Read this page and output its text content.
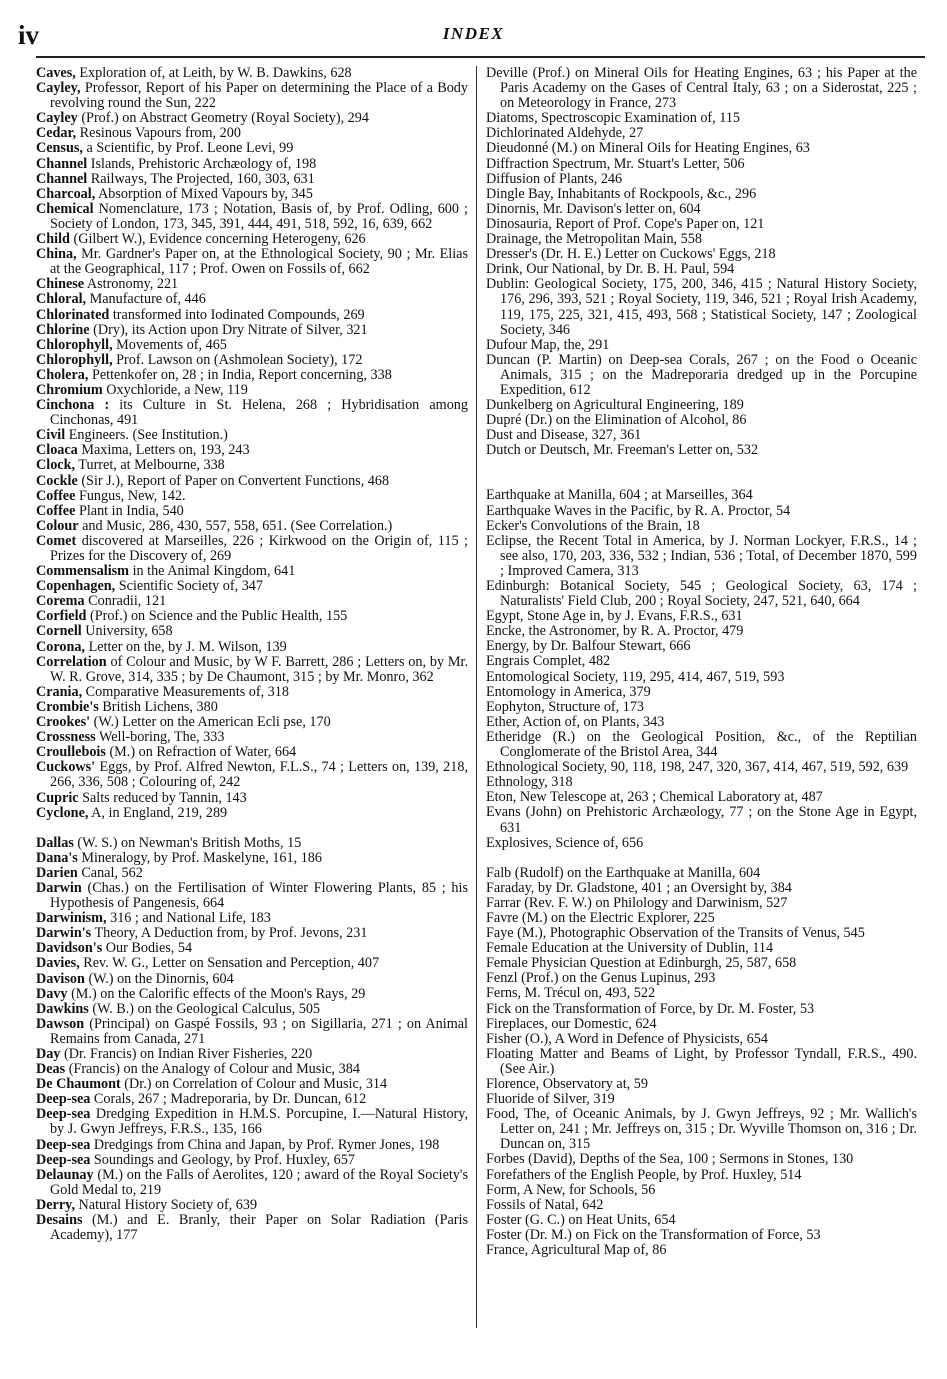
iv	INDEX

Caves, Exploration of, at Leith, by W. B. Dawkins, 628

Cayley, Professor, Report of his Paper on determining the Place of a Body revolving round the Sun, 222

Cayley (Prof.) on Abstract Geometry (Royal Society), 294

Cedar, Resinous Vapours from, 200

Census, a Scientific, by Prof. Leone Levi, 99

Channel Islands, Prehistoric Archæology of, 198

Channel Railways, The Projected, 160, 303, 631

Charcoal, Absorption of Mixed Vapours by, 345

Chemical Nomenclature, 173 ; Notation, Basis of, by Prof. Odling, 600 ; Society of London, 173, 345, 391, 444, 491, 518, 592, 16, 639, 662

Child (Gilbert W.), Evidence concerning Heterogeny, 626

China, Mr. Gardner's Paper on, at the Ethnological Society, 90 ; Mr. Elias at the Geographical, 117 ; Prof. Owen on Fossils of, 662

Chinese Astronomy, 221

Chloral, Manufacture of, 446

Chlorinated transformed into Iodinated Compounds, 269

Chlorine (Dry), its Action upon Dry Nitrate of Silver, 321

Chlorophyll, Movements of, 465

Chlorophyll, Prof. Lawson on (Ashmolean Society), 172

Cholera, Pettenkofer on, 28 ; in India, Report concerning, 338

Chromium Oxychloride, a New, 119

Cinchona : its Culture in St. Helena, 268 ; Hybridisation among Cinchonas, 491

Civil Engineers. (See Institution.)

Cloaca Maxima, Letters on, 193, 243

Clock, Turret, at Melbourne, 338

Cockle (Sir J.), Report of Paper on Convertent Functions, 468

Coffee Fungus, New, 142.

Coffee Plant in India, 540

Colour and Music, 286, 430, 557, 558, 651. (See Correlation.)

Comet discovered at Marseilles, 226 ; Kirkwood on the Origin of, 115 ; Prizes for the Discovery of, 269

Commensalism in the Animal Kingdom, 641

Copenhagen, Scientific Society of, 347

Corema Conradii, 121

Corfield (Prof.) on Science and the Public Health, 155

Cornell University, 658

Corona, Letter on the, by J. M. Wilson, 139

Correlation of Colour and Music, by W F. Barrett, 286 ; Letters on, by Mr. W. R. Grove, 314, 335 ; by De Chaumont, 315 ; by Mr. Monro, 362

Crania, Comparative Measurements of, 318

Crombie's British Lichens, 380

Crookes' (W.) Letter on the American Ecli pse, 170

Crossness Well-boring, The, 333

Croullebois (M.) on Refraction of Water, 664

Cuckows' Eggs, by Prof. Alfred Newton, F.L.S., 74 ; Letters on, 139, 218, 266, 336, 508 ; Colouring of, 242

Cupric Salts reduced by Tannin, 143

Cyclone, A, in England, 219, 289

Dallas (W. S.) on Newman's British Moths, 15

Dana's Mineralogy, by Prof. Maskelyne, 161, 186

Darien Canal, 562

Darwin (Chas.) on the Fertilisation of Winter Flowering Plants, 85 ; his Hypothesis of Pangenesis, 664

Darwinism, 316 ; and National Life, 183

Darwin's Theory, A Deduction from, by Prof. Jevons, 231

Davidson's Our Bodies, 54

Davies, Rev. W. G., Letter on Sensation and Perception, 407

Davison (W.) on the Dinornis, 604

Davy (M.) on the Calorific effects of the Moon's Rays, 29

Dawkins (W. B.) on the Geological Calculus, 505

Dawson (Principal) on Gaspé Fossils, 93 ; on Sigillaria, 271 ; on Animal Remains from Canada, 271

Day (Dr. Francis) on Indian River Fisheries, 220

Deas (Francis) on the Analogy of Colour and Music, 384

De Chaumont (Dr.) on Correlation of Colour and Music, 314

Deep-sea Corals, 267 ; Madreporaria, by Dr. Duncan, 612

Deep-sea Dredging Expedition in H.M.S. Porcupine, I.—Natural History, by J. Gwyn Jeffreys, F.R.S., 135, 166

Deep-sea Dredgings from China and Japan, by Prof. Rymer Jones, 198

Deep-sea Soundings and Geology, by Prof. Huxley, 657

Delaunay (M.) on the Falls of Aerolites, 120 ; award of the Royal Society's Gold Medal to, 219

Derry, Natural History Society of, 639

Desains (M.) and E. Branly, their Paper on Solar Radiation (Paris Academy), 177

Deville (Prof.) on Mineral Oils for Heating Engines, 63 ; his Paper at the Paris Academy on the Gases of Central Italy, 63 ; on a Siderostat, 225 ; on Meteorology in France, 273

Diatoms, Spectroscopic Examination of, 115

Dichlorinated Aldehyde, 27

Dieudonné (M.) on Mineral Oils for Heating Engines, 63

Diffraction Spectrum, Mr. Stuart's Letter, 506

Diffusion of Plants, 246

Dingle Bay, Inhabitants of Rockpools, &c., 296

Dinornis, Mr. Davison's letter on, 604

Dinosauria, Report of Prof. Cope's Paper on, 121

Drainage, the Metropolitan Main, 558

Dresser's (Dr. H. E.) Letter on Cuckows' Eggs, 218

Drink, Our National, by Dr. B. H. Paul, 594

Dublin: Geological Society, 175, 200, 346, 415 ; Natural History Society, 176, 296, 393, 521 ; Royal Society, 119, 346, 521 ; Royal Irish Academy, 119, 175, 225, 321, 415, 493, 568 ; Statistical Society, 147 ; Zoological Society, 346

Dufour Map, the, 291

Duncan (P. Martin) on Deep-sea Corals, 267 ; on the Food o Oceanic Animals, 315 ; on the Madreporaria dredged up in the Porcupine Expedition, 612

Dunkelberg on Agricultural Engineering, 189

Dupré (Dr.) on the Elimination of Alcohol, 86

Dust and Disease, 327, 361

Dutch or Deutsch, Mr. Freeman's Letter on, 532

Earthquake at Manilla, 604 ; at Marseilles, 364

Earthquake Waves in the Pacific, by R. A. Proctor, 54

Ecker's Convolutions of the Brain, 18

Eclipse, the Recent Total in America, by J. Norman Lockyer, F.R.S., 14 ; see also, 170, 203, 336, 532 ; Indian, 536 ; Total, of December 1870, 599 ; Improved Camera, 313

Edinburgh: Botanical Society, 545 ; Geological Society, 63, 174 ; Naturalists' Field Club, 200 ; Royal Society, 247, 521, 640, 664

Egypt, Stone Age in, by J. Evans, F.R.S., 631

Encke, the Astronomer, by R. A. Proctor, 479

Energy, by Dr. Balfour Stewart, 666

Engrais Complet, 482

Entomological Society, 119, 295, 414, 467, 519, 593

Entomology in America, 379

Eophyton, Structure of, 173

Ether, Action of, on Plants, 343

Etheridge (R.) on the Geological Position, &c., of the Reptilian Conglomerate of the Bristol Area, 344

Ethnological Society, 90, 118, 198, 247, 320, 367, 414, 467, 519, 592, 639

Ethnology, 318

Eton, New Telescope at, 263 ; Chemical Laboratory at, 487

Evans (John) on Prehistoric Archæology, 77 ; on the Stone Age in Egypt, 631

Explosives, Science of, 656

Falb (Rudolf) on the Earthquake at Manilla, 604

Faraday, by Dr. Gladstone, 401 ; an Oversight by, 384

Farrar (Rev. F. W.) on Philology and Darwinism, 527

Favre (M.) on the Electric Explorer, 225

Faye (M.), Photographic Observation of the Transits of Venus, 545

Female Education at the University of Dublin, 114

Female Physician Question at Edinburgh, 25, 587, 658

Fenzl (Prof.) on the Genus Lupinus, 293

Ferns, M. Trécul on, 493, 522

Fick on the Transformation of Force, by Dr. M. Foster, 53

Fireplaces, our Domestic, 624

Fisher (O.), A Word in Defence of Physicists, 654

Floating Matter and Beams of Light, by Professor Tyndall, F.R.S., 490. (See Air.)

Florence, Observatory at, 59

Fluoride of Silver, 319

Food, The, of Oceanic Animals, by J. Gwyn Jeffreys, 92 ; Mr. Wallich's Letter on, 241 ; Mr. Jeffreys on, 315 ; Dr. Wyville Thomson on, 316 ; Dr. Duncan on, 315

Forbes (David), Depths of the Sea, 100 ; Sermons in Stones, 130

Forefathers of the English People, by Prof. Huxley, 514

Form, A New, for Schools, 56

Fossils of Natal, 642

Foster (G. C.) on Heat Units, 654

Foster (Dr. M.) on Fick on the Transformation of Force, 53

France, Agricultural Map of, 86
